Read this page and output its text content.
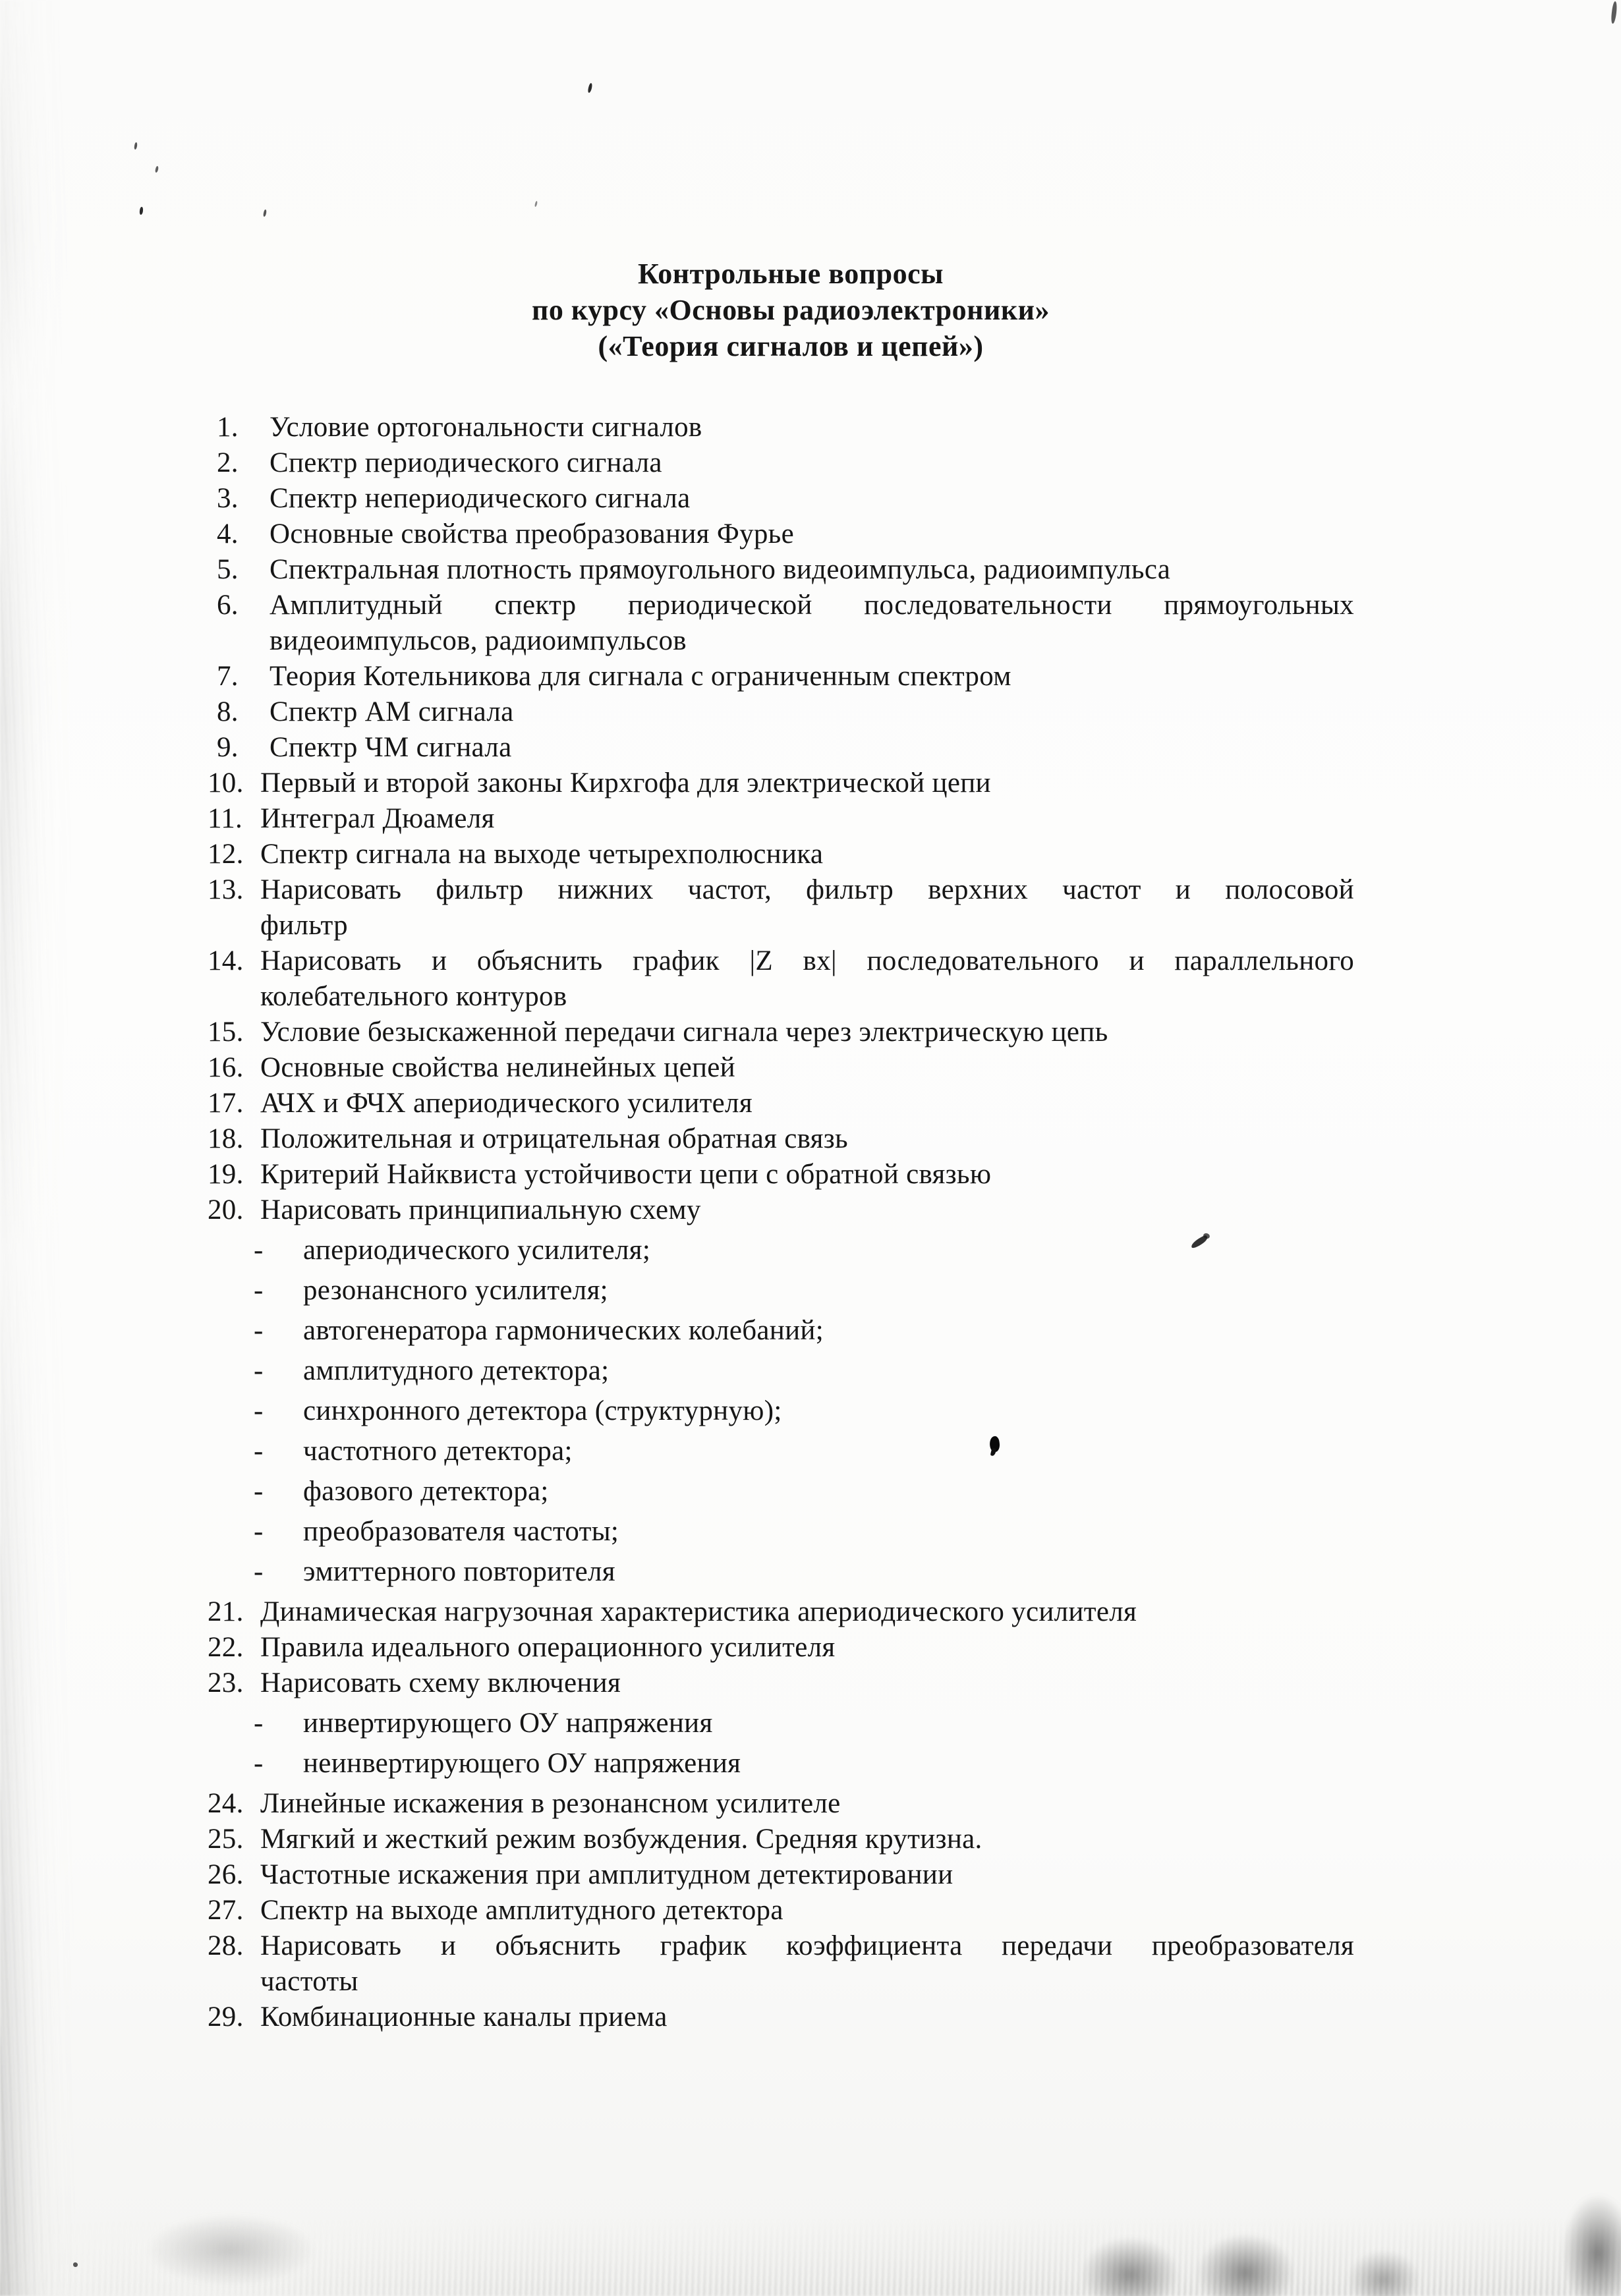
Контрольные вопросы
по курсу «Основы радиоэлектроники»
(«Теория сигналов и цепей»)
1.	Условие ортогональности сигналов
2.	Спектр периодического сигнала
3.	Спектр непериодического сигнала
4.	Основные свойства преобразования Фурье
5.	Спектральная плотность прямоугольного видеоимпульса, радиоимпульса
6.	Амплитудный спектр периодической последовательности прямоугольных
видеоимпульсов, радиоимпульсов
7.	Теория Котельникова для сигнала с ограниченным спектром
8.	Спектр АМ сигнала
9.	Спектр ЧМ сигнала
10. Первый и второй законы Кирхгофа для электрической цепи
11. Интеграл Дюамеля
12. Спектр сигнала на выходе четырехполюсника
13. Нарисовать фильтр нижних частот, фильтр верхних частот и полосовой
фильтр
14. Нарисовать и объяснить график |Z вх| последовательного и параллельного
колебательного контуров
15. Условие безыскаженной передачи сигнала через электрическую цепь
16. Основные свойства нелинейных цепей
17. АЧХ и ФЧХ апериодического усилителя
18. Положительная и отрицательная обратная связь
19. Критерий Найквиста устойчивости цепи с обратной связью
20. Нарисовать принципиальную схему
-	апериодического усилителя;
-	резонансного усилителя;
-	автогенератора гармонических колебаний;
-	амплитудного детектора;
-	синхронного детектора (структурную);
-	частотного детектора;
-	фазового детектора;
-	преобразователя частоты;
-	эмиттерного повторителя
21. Динамическая нагрузочная характеристика апериодического усилителя
22. Правила идеального операционного усилителя
23. Нарисовать схему включения
-	инвертирующего ОУ напряжения
-	неинвертирующего ОУ напряжения
24. Линейные искажения в резонансном усилителе
25. Мягкий и жесткий режим возбуждения. Средняя крутизна.
26. Частотные искажения при амплитудном детектировании
27. Спектр на выходе амплитудного детектора
28. Нарисовать и объяснить график коэффициента передачи преобразователя
частоты
29. Комбинационные каналы приема
